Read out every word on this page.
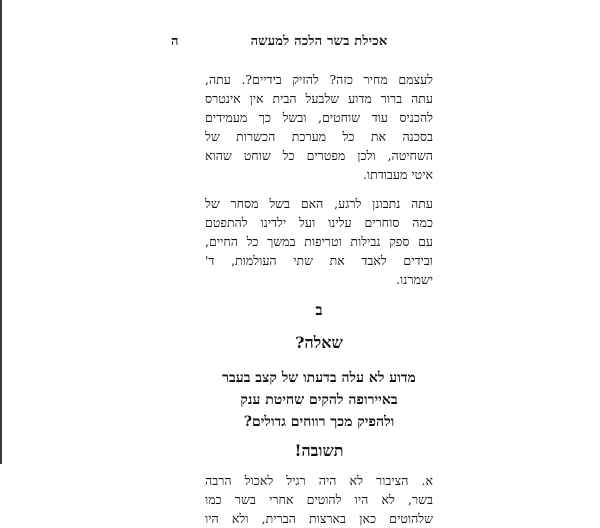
אכילת בשר הלכה למעשה
ה

לעצמם מחיר כזה? להזיק בידיים?. עתה,
עתה ברור מדוע שלבעל הבית אין אינטרס
להכניס עוד שוחטים, ובשל כך מעמידים
בסכנה את כל מערכת הכשרות של
השחיטה, ולכן מפטרים כל שוחט שהוא
איטי מעבודתו.

עתה נתבונן לרגע, האם בשל מסחר של
כמה סוחרים עלינו ועל ילדינו להתפטם
עם ספק נבילות וטריפות במשך כל החיים,
ובידים לאבד את שתי העולמות, ד'
ישמרנו.

ב
שאלה?
מדוע לא עלה בדעתו של קצב בעבר
באיירופה להקים שחיטת ענק
ולהפיק מכך רווחים גדולים?
תשובה!

א. הציבור לא היה רגיל לאכול הרבה
בשר, לא היו להוטים אחרי בשר כמו
שלהוטים כאן בארצות הברית, ולא היו
